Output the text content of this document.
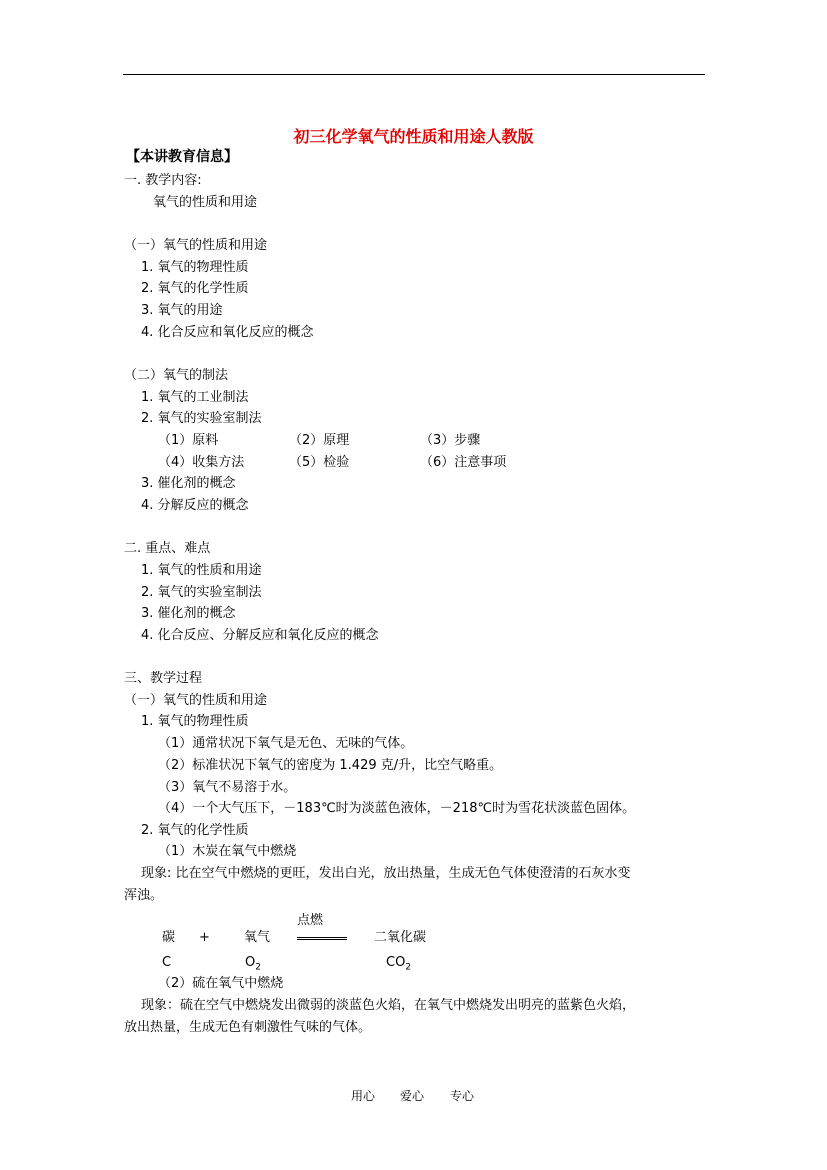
初三化学氧气的性质和用途人教版
【本讲教育信息】
一. 教学内容:
氧气的性质和用途
（一）氧气的性质和用途
1. 氧气的物理性质
2. 氧气的化学性质
3. 氧气的用途
4. 化合反应和氧化反应的概念
（二）氧气的制法
1. 氧气的工业制法
2. 氧气的实验室制法
（1）原料	（2）原理	（3）步骤
（4）收集方法	（5）检验	（6）注意事项
3. 催化剂的概念
4. 分解反应的概念
二. 重点、难点
1. 氧气的性质和用途
2. 氧气的实验室制法
3. 催化剂的概念
4. 化合反应、分解反应和氧化反应的概念
三、教学过程
（一）氧气的性质和用途
1. 氧气的物理性质
（1）通常状况下氧气是无色、无味的气体。
（2）标准状况下氧气的密度为 1.429 克/升，比空气略重。
（3）氧气不易溶于水。
（4）一个大气压下，－183℃时为淡蓝色液体，－218℃时为雪花状淡蓝色固体。
2. 氧气的化学性质
（1）木炭在氧气中燃烧
现象: 比在空气中燃烧的更旺，发出白光，放出热量，生成无色气体使澄清的石灰水变
浑浊。
点燃
碳 +	氧气	二氧化碳
C	$O_2$	$CO_2$
（2）硫在氧气中燃烧
现象：硫在空气中燃烧发出微弱的淡蓝色火焰，在氧气中燃烧发出明亮的蓝紫色火焰，
放出热量，生成无色有刺激性气味的气体。
用心 爱心 专心
